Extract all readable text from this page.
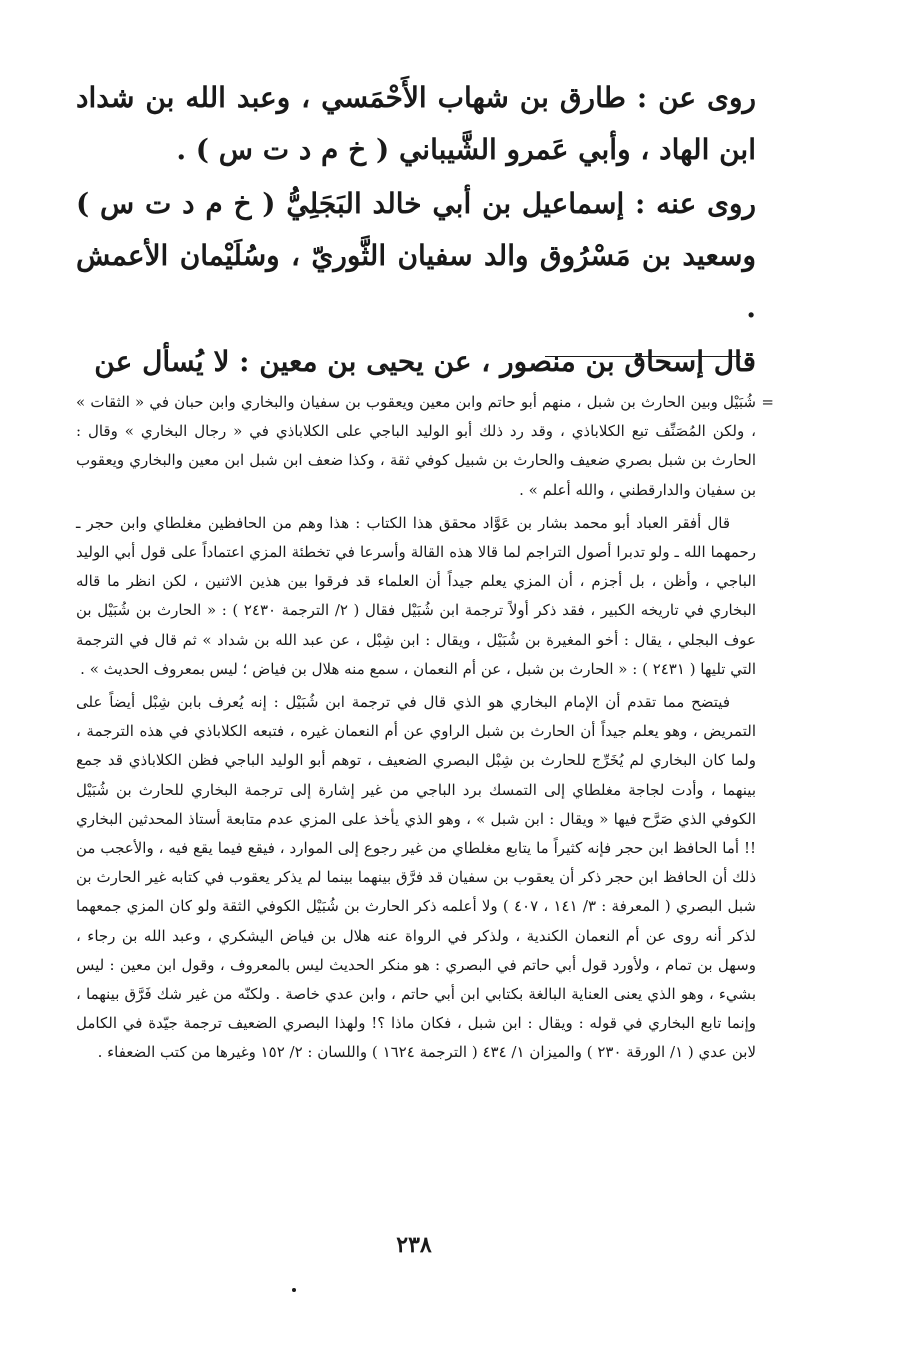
روى عن : طارق بن شهاب الأَحْمَسي ، وعبد الله بن شداد ابن الهاد ، وأبي عَمرو الشَّيباني ( خ م د ت س ) .

روى عنه : إسماعيل بن أبي خالد البَجَلِيُّ ( خ م د ت س ) وسعيد بن مَسْرُوق والد سفيان الثَّوريّ ، وسُلَيْمان الأعمش .

قال إسحاق بن منصور ، عن يحيى بن معين : لا يُسأل عن

=
شُبَيْل وبين الحارث بن شبل ، منهم أبو حاتم وابن معين ويعقوب بن سفيان والبخاري وابن حبان في « الثقات » ، ولكن المُصَنِّف تبع الكلاباذي ، وقد رد ذلك أبو الوليد الباجي على الكلاباذي في « رجال البخاري » وقال : الحارث بن شبل بصري ضعيف والحارث بن شبيل كوفي ثقة ، وكذا ضعف ابن شبل ابن معين والبخاري ويعقوب بن سفيان والدارقطني ، والله أعلم » .

قال أفقر العباد أبو محمد بشار بن عَوَّاد محقق هذا الكتاب : هذا وهم من الحافظين مغلطاي وابن حجر ـ رحمهما الله ـ ولو تدبرا أصول التراجم لما قالا هذه القالة وأسرعا في تخطئة المزي اعتماداً على قول أبي الوليد الباجي ، وأظن ، بل أجزم ، أن المزي يعلم جيداً أن العلماء قد فرقوا بين هذين الاثنين ، لكن انظر ما قاله البخاري في تاريخه الكبير ، فقد ذكر أولاً ترجمة ابن شُبَيْل فقال ( ٢/ الترجمة ٢٤٣٠ ) : « الحارث بن شُبَيْل بن عوف البجلي ، يقال : أخو المغيرة بن شُبَيْل ، ويقال : ابن شِبْل ، عن عبد الله بن شداد » ثم قال في الترجمة التي تليها ( ٢٤٣١ ) : « الحارث بن شبل ، عن أم النعمان ، سمع منه هلال بن فياض ؛ ليس بمعروف الحديث » .

فيتضح مما تقدم أن الإمام البخاري هو الذي قال في ترجمة ابن شُبَيْل : إنه يُعرف بابن شِبْل أيضاً على التمريض ، وهو يعلم جيداً أن الحارث بن شبل الراوي عن أم النعمان غيره ، فتبعه الكلاباذي في هذه الترجمة ، ولما كان البخاري لم يُخَرِّج للحارث بن شِبْل البصري الضعيف ، توهم أبو الوليد الباجي فظن الكلاباذي قد جمع بينهما ، وأدت لجاجة مغلطاي إلى التمسك برد الباجي من غير إشارة إلى ترجمة البخاري للحارث بن شُبَيْل الكوفي الذي صَرَّح فيها « ويقال : ابن شبل » ، وهو الذي يأخذ على المزي عدم متابعة أستاذ المحدثين البخاري !! أما الحافظ ابن حجر فإنه كثيراً ما يتابع مغلطاي من غير رجوع إلى الموارد ، فيقع فيما يقع فيه ، والأعجب من ذلك أن الحافظ ابن حجر ذكر أن يعقوب بن سفيان قد فرَّق بينهما بينما لم يذكر يعقوب في كتابه غير الحارث بن شبل البصري ( المعرفة : ٣/ ١٤١ ، ٤٠٧ ) ولا أعلمه ذكر الحارث بن شُبَيْل الكوفي الثقة ولو كان المزي جمعهما لذكر أنه روى عن أم النعمان الكندية ، ولذكر في الرواة عنه هلال بن فياض اليشكري ، وعبد الله بن رجاء ، وسهل بن تمام ، ولأورد قول أبي حاتم في البصري : هو منكر الحديث ليس بالمعروف ، وقول ابن معين : ليس بشيء ، وهو الذي يعنى العناية البالغة بكتابي ابن أبي حاتم ، وابن عدي خاصة . ولكنّه من غير شك فَرَّق بينهما ، وإنما تابع البخاري في قوله : ويقال : ابن شبل ، فكان ماذا ؟! ولهذا البصري الضعيف ترجمة جيّدة في الكامل لابن عدي ( ١/ الورقة ٢٣٠ ) والميزان ١/ ٤٣٤ ( الترجمة ١٦٢٤ ) واللسان : ٢/ ١٥٢ وغيرها من كتب الضعفاء .

٢٣٨
